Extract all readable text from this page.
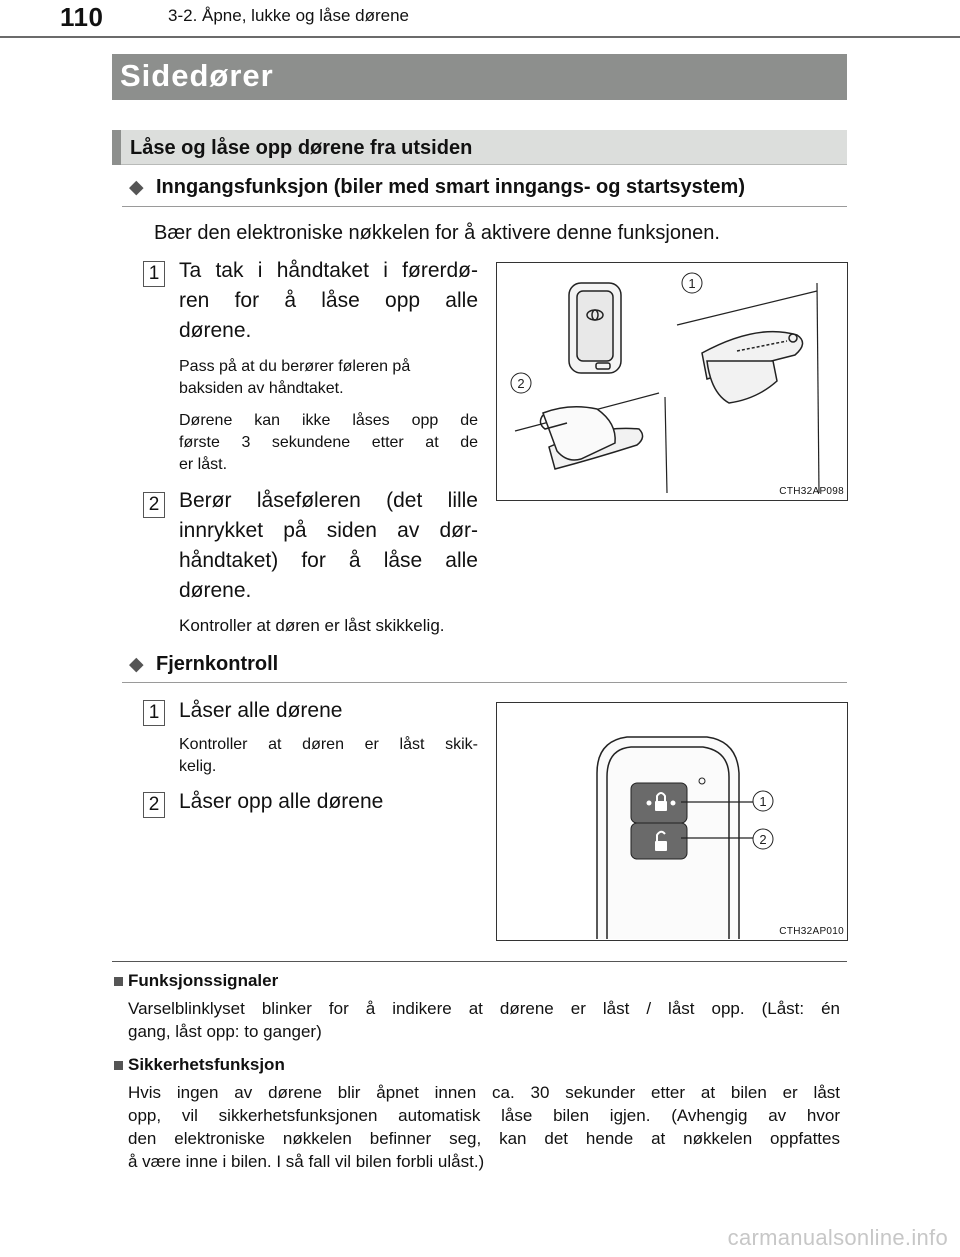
110	3-2. Åpne, lukke og låse dørene
Sidedører
Låse og låse opp dørene fra utsiden
◆ Inngangsfunksjon (biler med smart inngangs- og startsystem)
Bær den elektroniske nøkkelen for å aktivere denne funksjonen.
1 Ta tak i håndtaket i førerdø-
ren for å låse opp alle
dørene.
Pass på at du berører føleren på
baksiden av håndtaket.
Dørene kan ikke låses opp de
første 3 sekundene etter at de
er låst.
2 Berør låseføleren (det lille
innrykket på siden av dør-
håndtaket) for å låse alle
dørene.
Kontroller at døren er låst skikkelig.
1
2
CTH32AP098
◆ Fjernkontroll
1 Låser alle dørene
Kontroller at døren er låst skik-
kelig.
2 Låser opp alle dørene	1
2
CTH32AP010
Funksjonssignaler
Varselblinklyset blinker for å indikere at dørene er låst / låst opp. (Låst: én
gang, låst opp: to ganger)
Sikkerhetsfunksjon
Hvis ingen av dørene blir åpnet innen ca. 30 sekunder etter at bilen er låst
opp, vil sikkerhetsfunksjonen automatisk låse bilen igjen. (Avhengig av hvor
den elektroniske nøkkelen befinner seg, kan det hende at nøkkelen oppfattes
å være inne i bilen. I så fall vil bilen forbli ulåst.)
carmanualsonline.info
